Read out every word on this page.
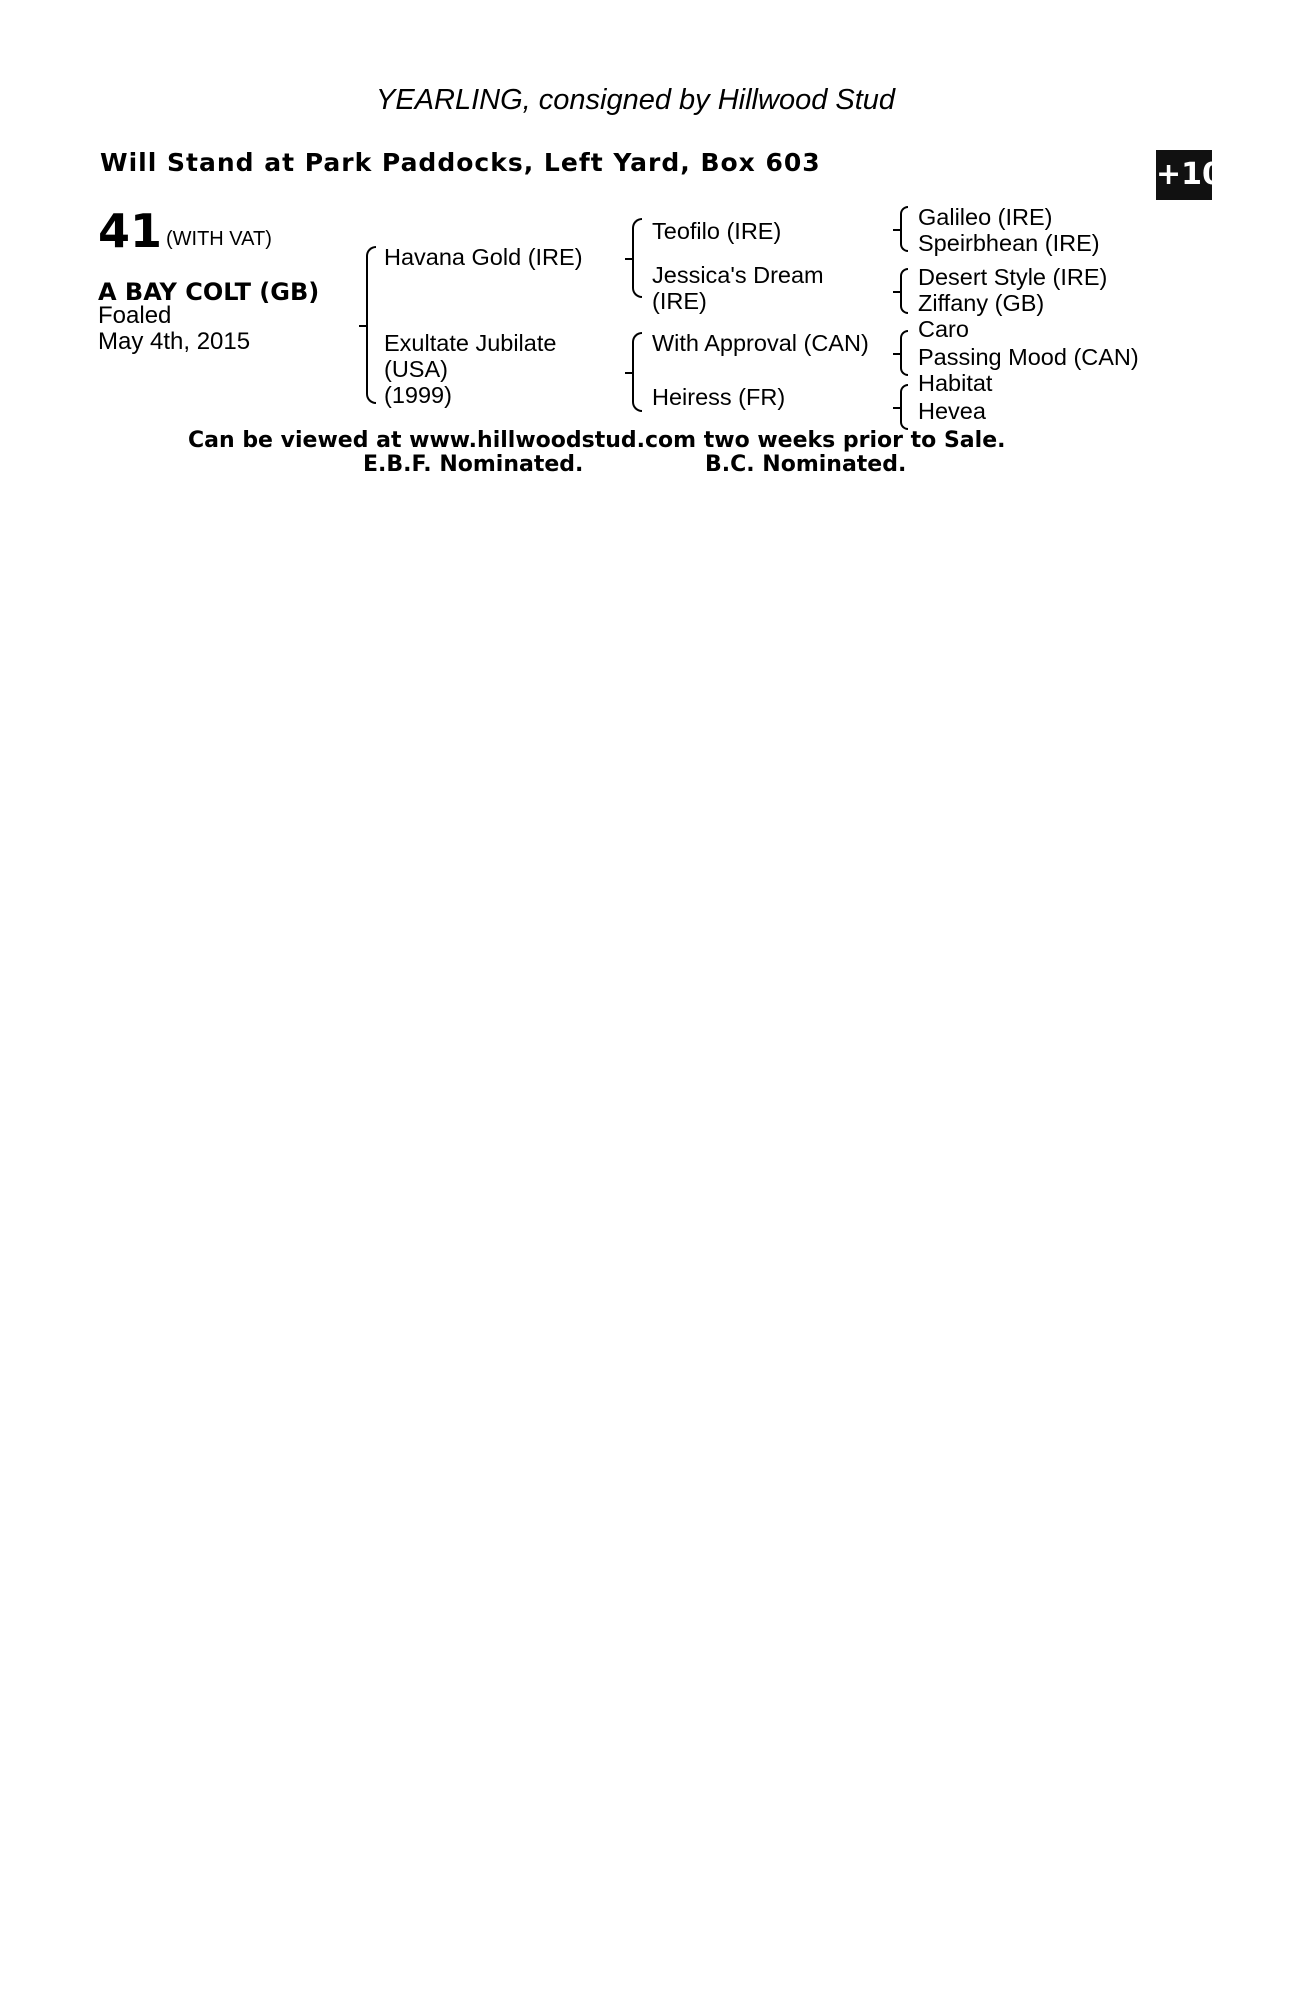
YEARLING, consigned by Hillwood Stud
Will Stand at Park Paddocks, Left Yard, Box 603	+10
41 (WITH VAT)
A BAY COLT (GB)
Foaled
May 4th, 2015
Havana Gold (IRE)
Exultate Jubilate
(USA)
(1999)
Teofilo (IRE)
Jessica's Dream
(IRE)
With Approval (CAN)
Heiress (FR)
Galileo (IRE)
Speirbhean (IRE)
Desert Style (IRE)
Ziffany (GB)
Caro
Passing Mood (CAN)
Habitat
Hevea
Can be viewed at www.hillwoodstud.com two weeks prior to Sale.
E.B.F. Nominated.	B.C. Nominated.
